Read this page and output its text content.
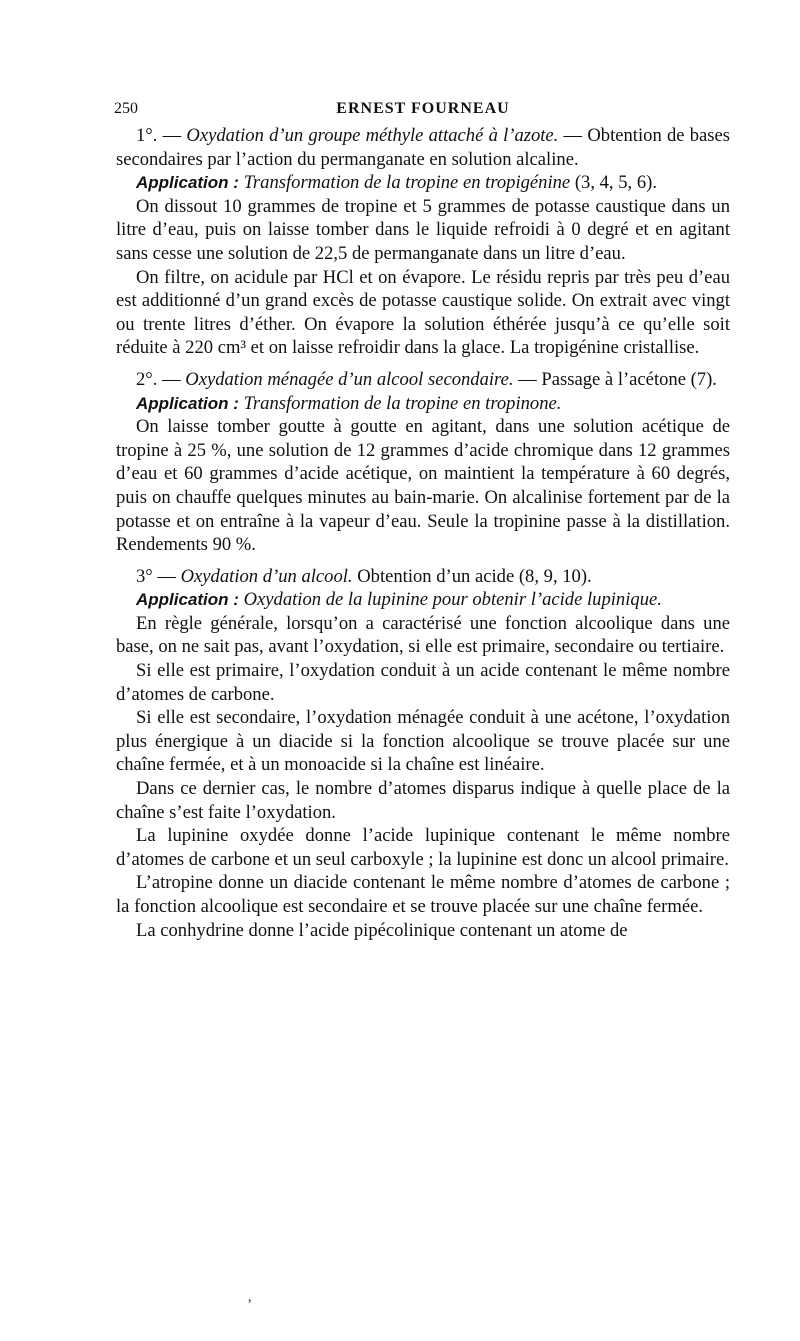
250	ERNEST FOURNEAU

1°. — Oxydation d’un groupe méthyle attaché à l’azote. — Obtention de bases secondaires par l’action du permanganate en solution alcaline.

Application : Transformation de la tropine en tropigénine (3, 4, 5, 6).

On dissout 10 grammes de tropine et 5 grammes de potasse caustique dans un litre d’eau, puis on laisse tomber dans le liquide refroidi à 0 degré et en agitant sans cesse une solution de 22,5 de permanganate dans un litre d’eau.

On filtre, on acidule par HCl et on évapore. Le résidu repris par très peu d’eau est additionné d’un grand excès de potasse caustique solide. On extrait avec vingt ou trente litres d’éther. On évapore la solution éthérée jusqu’à ce qu’elle soit réduite à 220 cm³ et on laisse refroidir dans la glace. La tropigénine cristallise.

2°. — Oxydation ménagée d’un alcool secondaire. — Passage à l’acétone (7).

Application : Transformation de la tropine en tropinone.

On laisse tomber goutte à goutte en agitant, dans une solution acétique de tropine à 25 %, une solution de 12 grammes d’acide chromique dans 12 grammes d’eau et 60 grammes d’acide acétique, on maintient la température à 60 degrés, puis on chauffe quelques minutes au bain-marie. On alcalinise fortement par de la potasse et on entraîne à la vapeur d’eau. Seule la tropinine passe à la distillation. Rendements 90 %.

3° — Oxydation d’un alcool. Obtention d’un acide (8, 9, 10).

Application : Oxydation de la lupinine pour obtenir l’acide lupinique.

En règle générale, lorsqu’on a caractérisé une fonction alcoolique dans une base, on ne sait pas, avant l’oxydation, si elle est primaire, secondaire ou tertiaire.

Si elle est primaire, l’oxydation conduit à un acide contenant le même nombre d’atomes de carbone.

Si elle est secondaire, l’oxydation ménagée conduit à une acétone, l’oxydation plus énergique à un diacide si la fonction alcoolique se trouve placée sur une chaîne fermée, et à un monoacide si la chaîne est linéaire.

Dans ce dernier cas, le nombre d’atomes disparus indique à quelle place de la chaîne s’est faite l’oxydation.

La lupinine oxydée donne l’acide lupinique contenant le même nombre d’atomes de carbone et un seul carboxyle ; la lupinine est donc un alcool primaire.

L’atropine donne un diacide contenant le même nombre d’atomes de carbone ; la fonction alcoolique est secondaire et se trouve placée sur une chaîne fermée.

La conhydrine donne l’acide pipécolinique contenant un atome de

,
